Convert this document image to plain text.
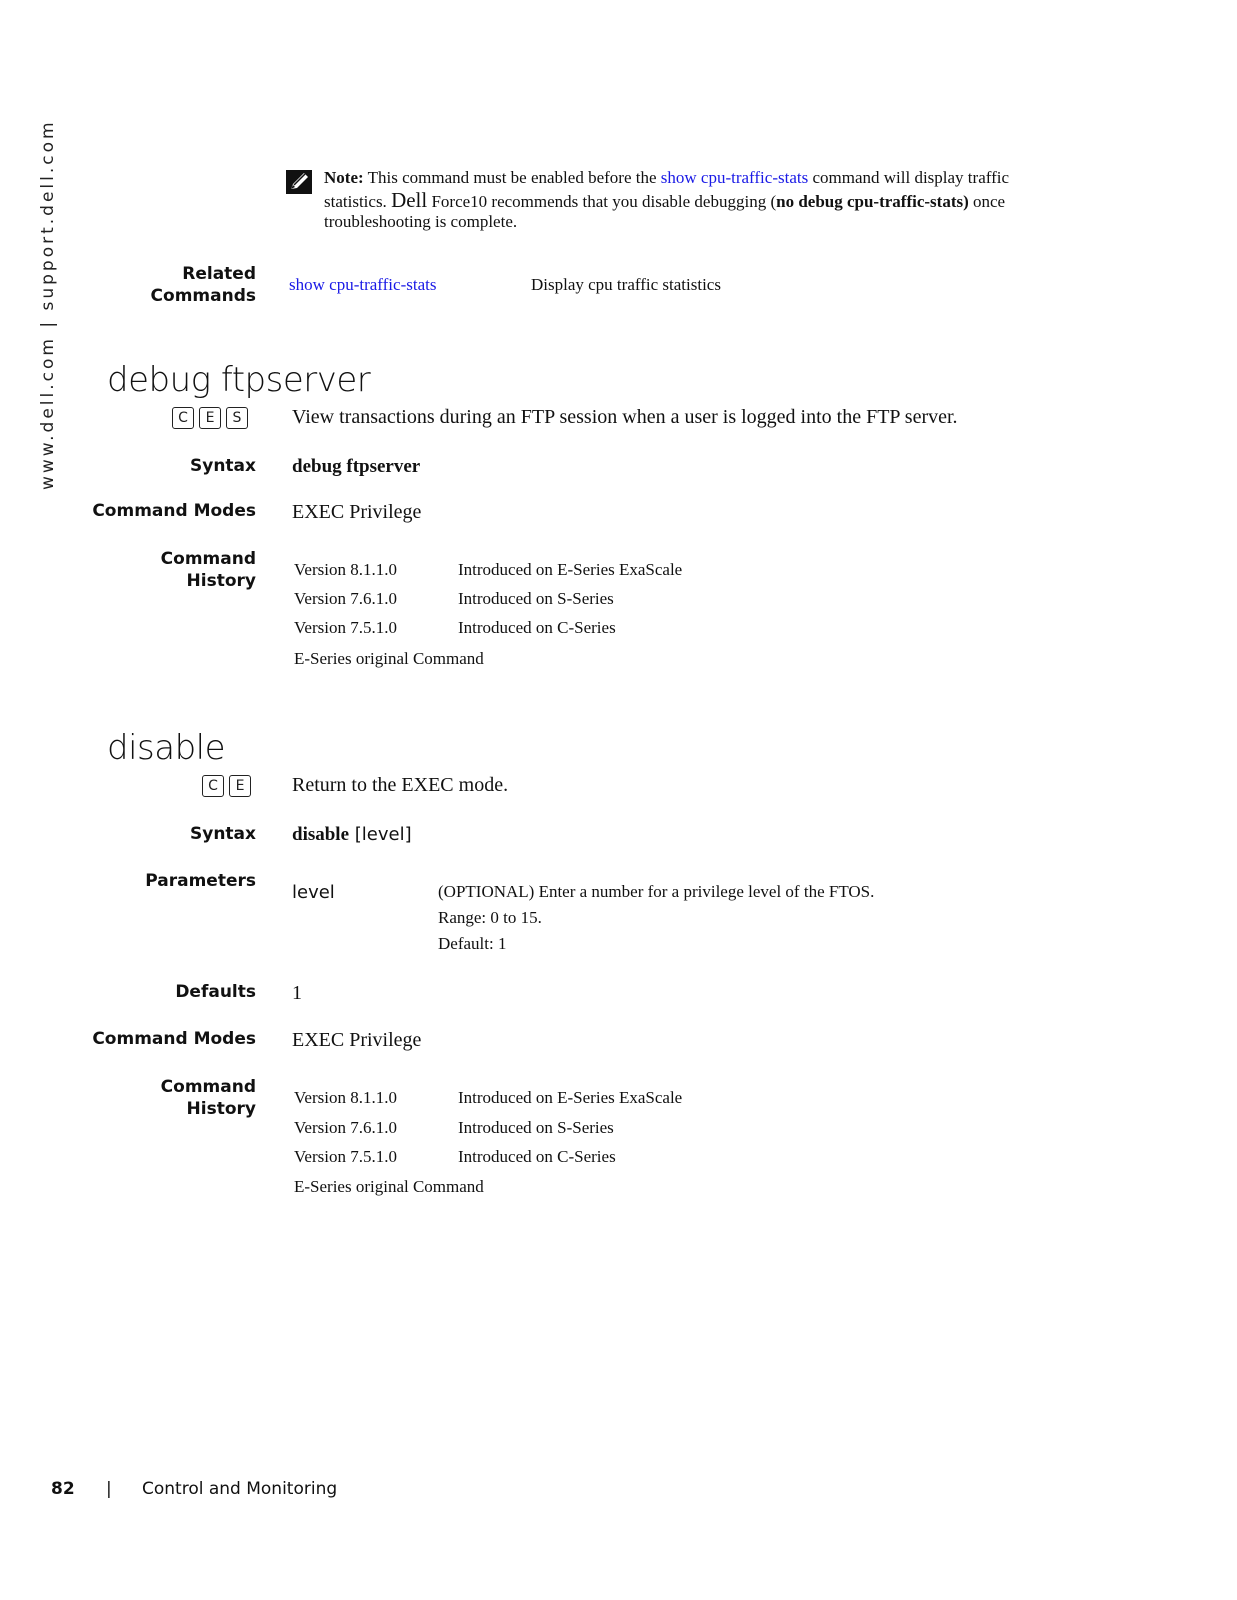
www.dell.com | support.dell.com	Note: This command must be enabled before the show cpu-traffic-stats command will display traffic
statistics. Dell Force10 recommends that you disable debugging (no debug cpu-traffic-stats) once
troubleshooting is complete.
Related
Commands
show cpu-traffic-stats	Display cpu traffic statistics
debug ftpserver
C	E	S	View transactions during an FTP session when a user is logged into the FTP server.
Syntax debug ftpserver
Command Modes EXEC Privilege
Command
History
Version 8.1.1.0	Introduced on E-Series ExaScale
Version 7.6.1.0	Introduced on S-Series
Version 7.5.1.0	Introduced on C-Series
E-Series original Command
disable
C	E	Return to the EXEC mode.
Syntax disable [level]
Parameters
level	(OPTIONAL) Enter a number for a privilege level of the FTOS.
Range: 0 to 15.
Default: 1
Defaults 1
Command Modes EXEC Privilege
Command
History
Version 8.1.1.0	Introduced on E-Series ExaScale
Version 7.6.1.0	Introduced on S-Series
Version 7.5.1.0	Introduced on C-Series
E-Series original Command
82 | Control and Monitoring
